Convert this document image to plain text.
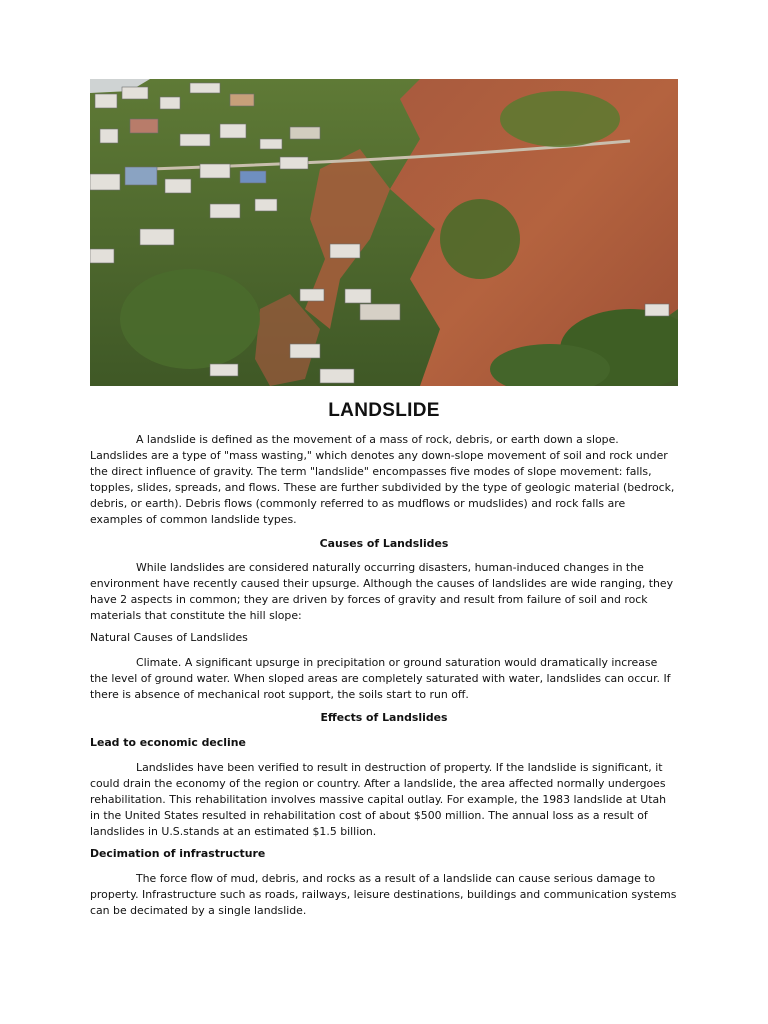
LANDSLIDE

A landslide is defined as the movement of a mass of rock, debris, or earth down a slope. Landslides are a type of "mass wasting," which denotes any down-slope movement of soil and rock under the direct influence of gravity. The term "landslide" encompasses five modes of slope movement: falls, topples, slides, spreads, and flows. These are further subdivided by the type of geologic material (bedrock, debris, or earth). Debris flows (commonly referred to as mudflows or mudslides) and rock falls are examples of common landslide types.

Causes of Landslides

While landslides are considered naturally occurring disasters, human-induced changes in the environment have recently caused their upsurge. Although the causes of landslides are wide ranging, they have 2 aspects in common; they are driven by forces of gravity and result from failure of soil and rock materials that constitute the hill slope:

Natural Causes of Landslides

Climate. A significant upsurge in precipitation or ground saturation would dramatically increase the level of ground water. When sloped areas are completely saturated with water, landslides can occur. If there is absence of mechanical root support, the soils start to run off.

Effects of Landslides

Lead to economic decline

Landslides have been verified to result in destruction of property. If the landslide is significant, it could drain the economy of the region or country. After a landslide, the area affected normally undergoes rehabilitation. This rehabilitation involves massive capital outlay. For example, the 1983 landslide at Utah in the United States resulted in rehabilitation cost of about $500 million. The annual loss as a result of landslides in U.S.stands at an estimated $1.5 billion.

Decimation of infrastructure

The force flow of mud, debris, and rocks as a result of a landslide can cause serious damage to property. Infrastructure such as roads, railways, leisure destinations, buildings and communication systems can be decimated by a single landslide.
